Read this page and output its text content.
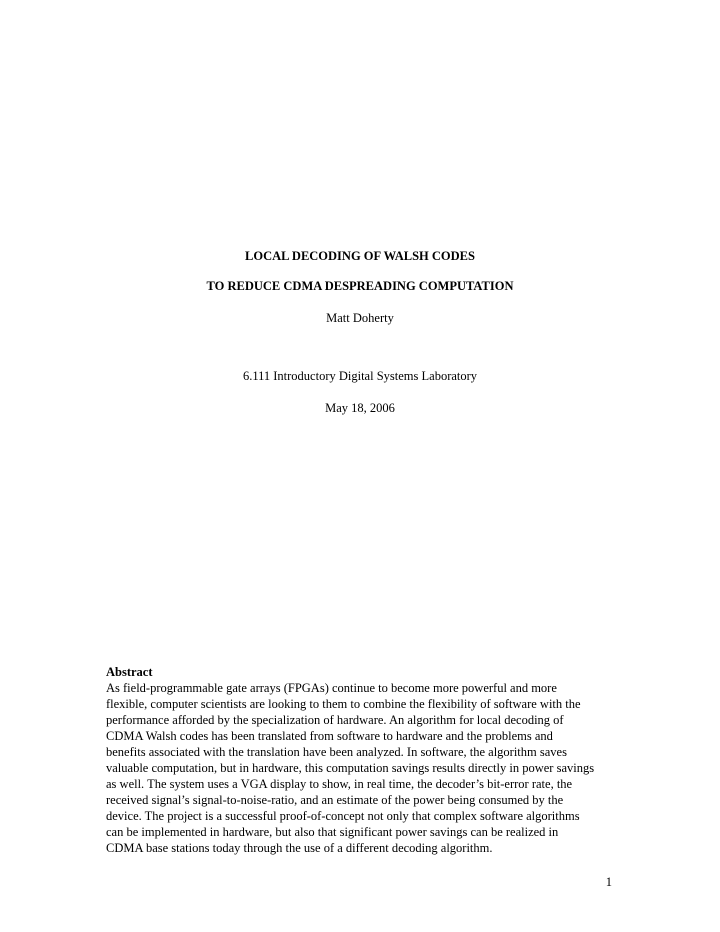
LOCAL DECODING OF WALSH CODES
TO REDUCE CDMA DESPREADING COMPUTATION
Matt Doherty
6.111 Introductory Digital Systems Laboratory
May 18, 2006
Abstract
As field-programmable gate arrays (FPGAs) continue to become more powerful and more
flexible, computer scientists are looking to them to combine the flexibility of software with the
performance afforded by the specialization of hardware. An algorithm for local decoding of
CDMA Walsh codes has been translated from software to hardware and the problems and
benefits associated with the translation have been analyzed. In software, the algorithm saves
valuable computation, but in hardware, this computation savings results directly in power savings
as well. The system uses a VGA display to show, in real time, the decoder’s bit-error rate, the
received signal’s signal-to-noise-ratio, and an estimate of the power being consumed by the
device. The project is a successful proof-of-concept not only that complex software algorithms
can be implemented in hardware, but also that significant power savings can be realized in
CDMA base stations today through the use of a different decoding algorithm.
1
